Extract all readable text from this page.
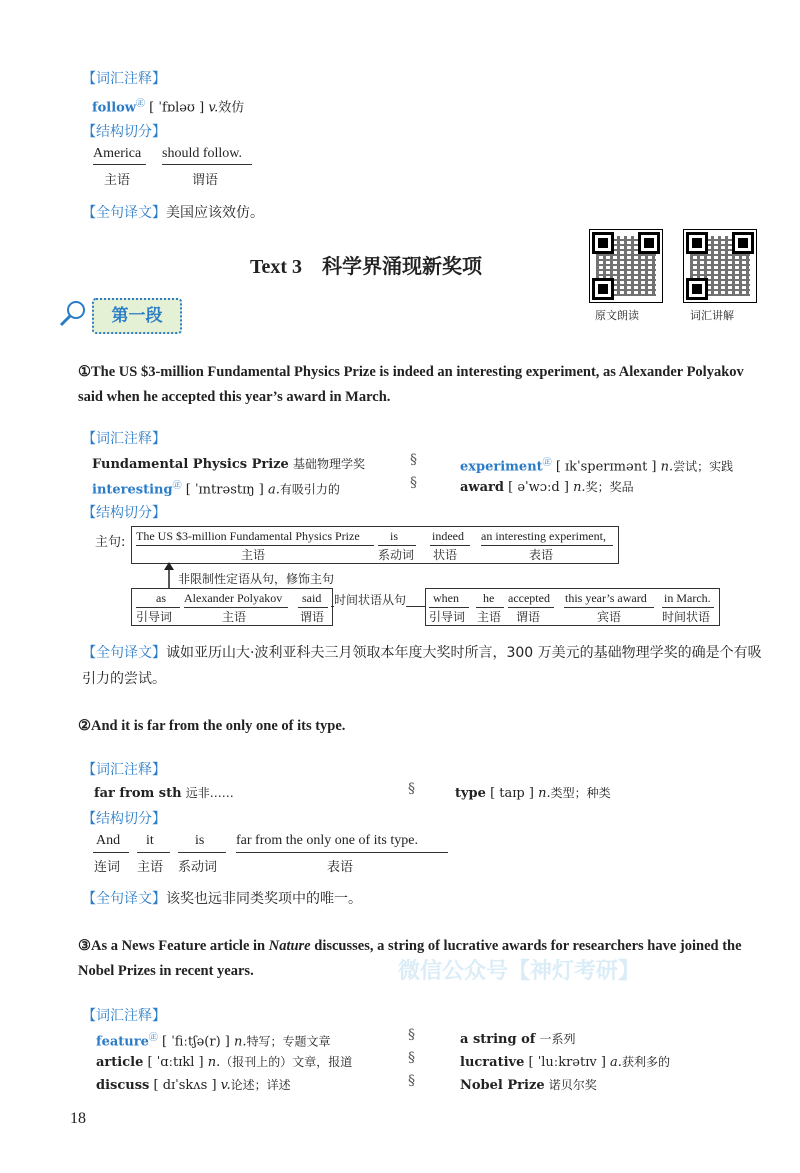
【词汇注释】
follow㊣ [ ˈfɒləʊ ] v.效仿
【结构切分】
America
主语
should follow.
谓语
【全句译文】美国应该效仿。
Text 3　科学界涌现新奖项
原文朗读	词汇讲解
第一段
①The US $3-million Fundamental Physics Prize is indeed an interesting experiment, as Alexander Polyakov said when he accepted this year’s award in March.
【词汇注释】
Fundamental Physics Prize 基础物理学奖	§	experiment㊣ [ ɪkˈsperɪmənt ] n.尝试；实践
interesting㊣ [ ˈɪntrəstɪŋ ] a.有吸引力的	§	award [ əˈwɔːd ] n.奖；奖品
【结构切分】
主句: The US $3-million Fundamental Physics Prize
主语
is
系动词
indeed
状语
an interesting experiment,
表语
非限制性定语从句，修饰主句
as
引导词
Alexander Polyakov
主语
said
谓语
时间状语从句 when
引导词
he
主语
accepted
谓语
this year’s award
宾语
in March.
时间状语
【全句译文】诚如亚历山大·波利亚科夫三月领取本年度大奖时所言，300 万美元的基础物理学奖的确是个有吸引力的尝试。
②And it is far from the only one of its type.
【词汇注释】
far from sth 远非……	§	type [ taɪp ] n.类型；种类
【结构切分】
And
连词
it
主语
is
系动词
far from the only one of its type.
表语
【全句译文】该奖也远非同类奖项中的唯一。
微信公众号【神灯考研】
③As a News Feature article in Nature discusses, a string of lucrative awards for researchers have joined the Nobel Prizes in recent years.
【词汇注释】
feature㊣ [ ˈfiːtʃə(r) ] n.特写；专题文章	§	a string of 一系列
article [ ˈɑːtɪkl ] n.（报刊上的）文章，报道	§	lucrative [ ˈluːkrətɪv ] a.获利多的
discuss [ dɪˈskʌs ] v.论述；详述	§	Nobel Prize 诺贝尔奖
18
